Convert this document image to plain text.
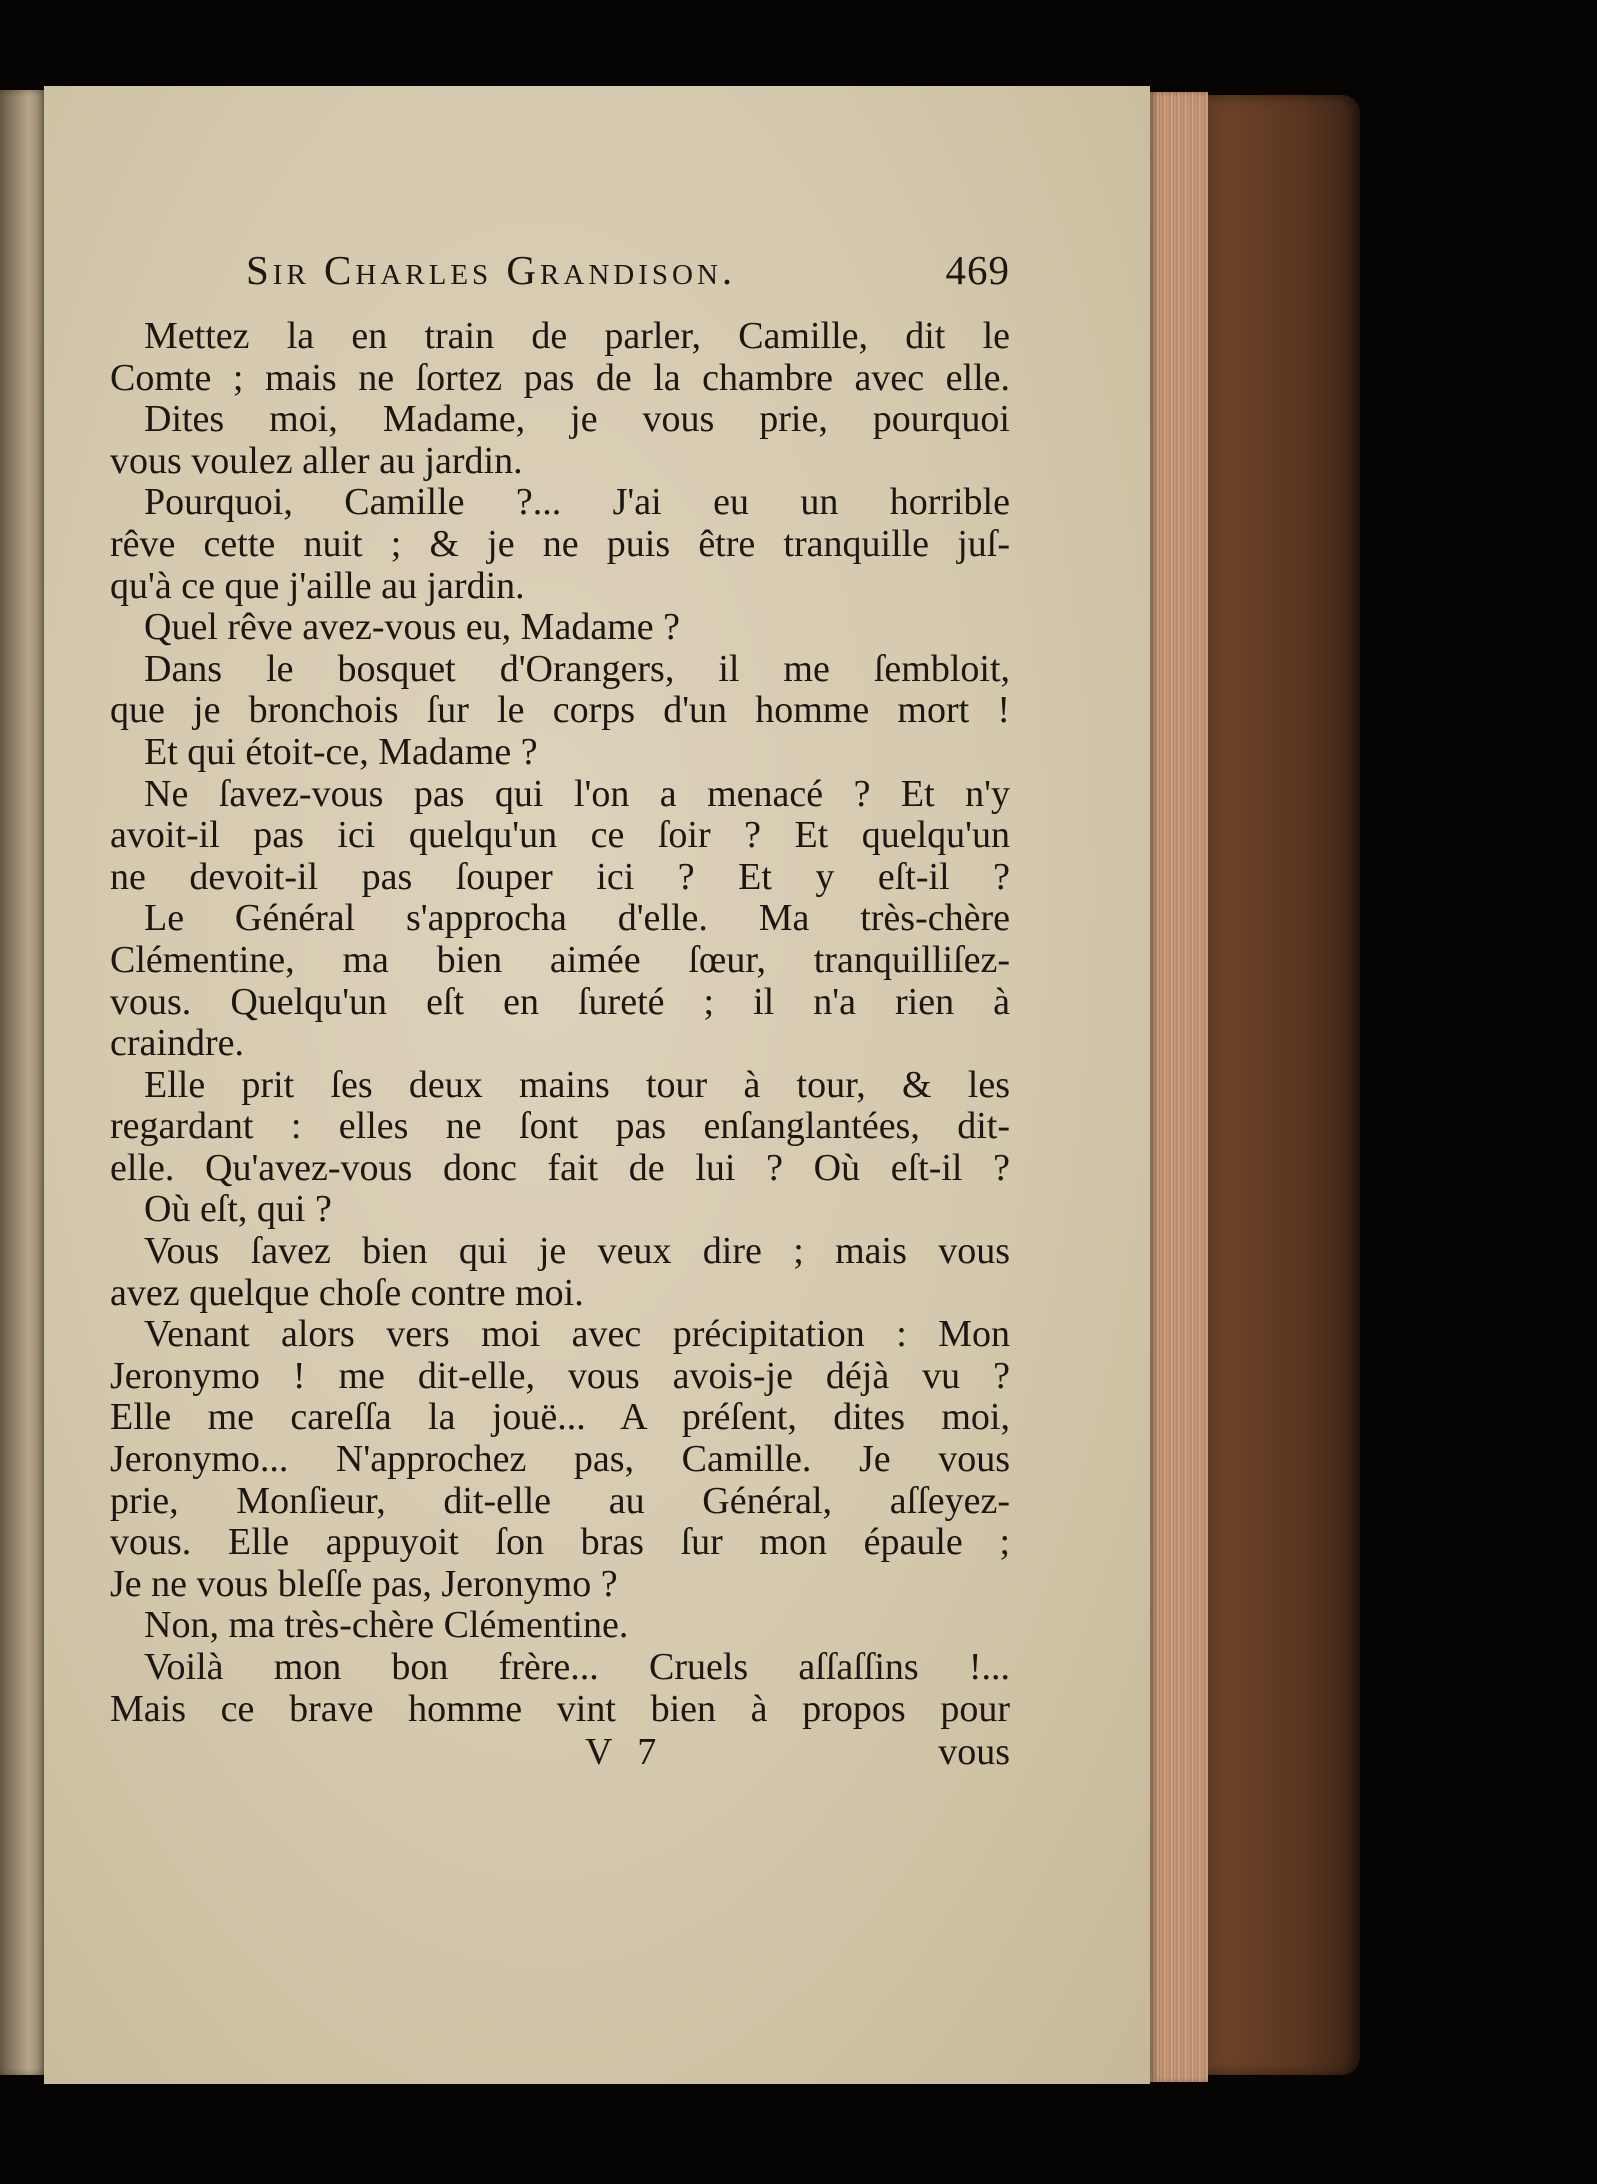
Sir Charles Grandison.	469
Mettez la en train de parler, Camille, dit le
Comte ; mais ne ſortez pas de la chambre avec elle.
Dites moi, Madame, je vous prie, pourquoi
vous voulez aller au jardin.
Pourquoi, Camille ?... J'ai eu un horrible
rêve cette nuit ; & je ne puis être tranquille juſ-
qu'à ce que j'aille au jardin.
Quel rêve avez-vous eu, Madame ?
Dans le bosquet d'Orangers, il me ſembloit,
que je bronchois ſur le corps d'un homme mort !
Et qui étoit-ce, Madame ?
Ne ſavez-vous pas qui l'on a menacé ? Et n'y
avoit-il pas ici quelqu'un ce ſoir ? Et quelqu'un
ne devoit-il pas ſouper ici ? Et y eſt-il ?
Le Général s'approcha d'elle. Ma très-chère
Clémentine, ma bien aimée ſœur, tranquilliſez-
vous. Quelqu'un eſt en ſureté ; il n'a rien à
craindre.
Elle prit ſes deux mains tour à tour, & les
regardant : elles ne ſont pas enſanglantées, dit-
elle. Qu'avez-vous donc fait de lui ? Où eſt-il ?
Où eſt, qui ?
Vous ſavez bien qui je veux dire ; mais vous
avez quelque choſe contre moi.
Venant alors vers moi avec précipitation : Mon
Jeronymo ! me dit-elle, vous avois-je déjà vu ?
Elle me careſſa la jouë... A préſent, dites moi,
Jeronymo... N'approchez pas, Camille. Je vous
prie, Monſieur, dit-elle au Général, aſſeyez-
vous. Elle appuyoit ſon bras ſur mon épaule ;
Je ne vous bleſſe pas, Jeronymo ?
Non, ma très-chère Clémentine.
Voilà mon bon frère... Cruels aſſaſſins !...
Mais ce brave homme vint bien à propos pour
V 7	vous
